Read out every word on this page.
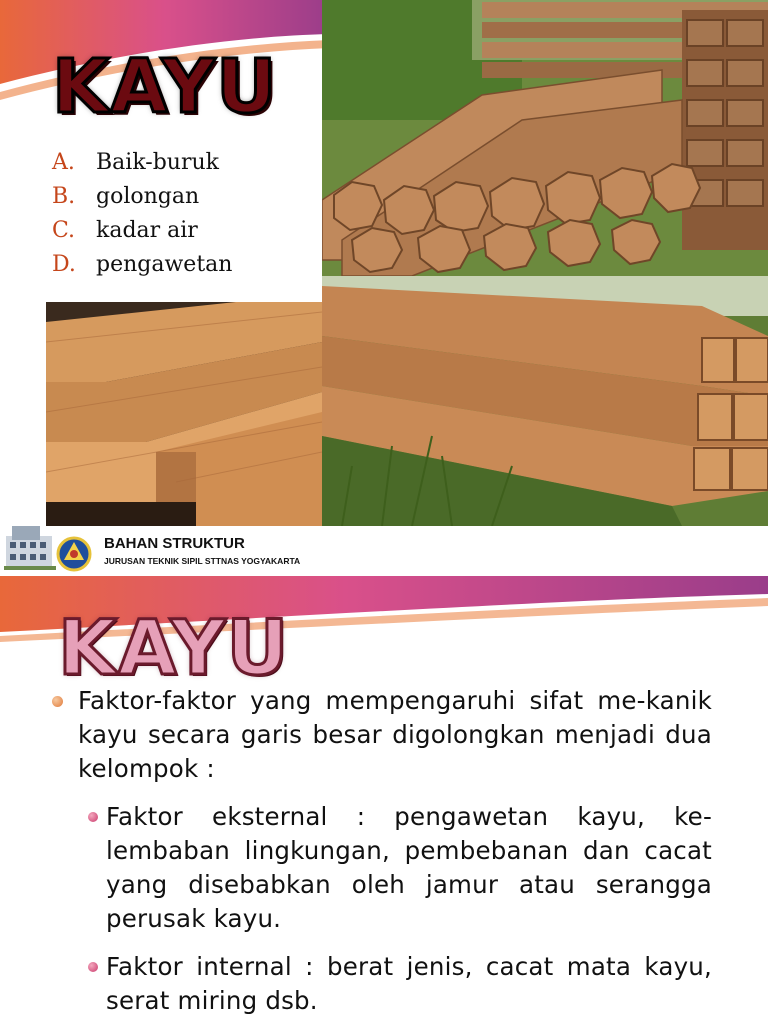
KAYU
A. Baik-buruk
B. golongan
C. kadar air
D. pengawetan
BAHAN STRUKTUR
JURUSAN TEKNIK SIPIL STTNAS YOGYAKARTA
KAYU

Faktor-faktor yang mempengaruhi sifat me-kanik kayu secara garis besar digolongkan menjadi dua kelompok :

Faktor eksternal : pengawetan kayu, ke-lembaban lingkungan, pembebanan dan cacat yang disebabkan oleh jamur atau serangga perusak kayu.

Faktor internal : berat jenis, cacat mata kayu, serat miring dsb.
